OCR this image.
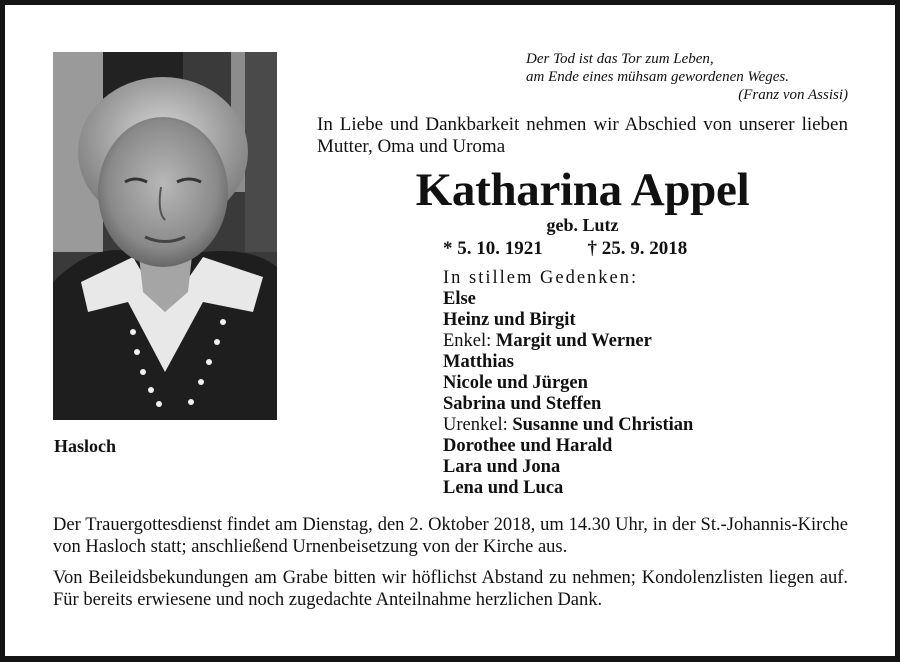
Hasloch
Der Tod ist das Tor zum Leben,
am Ende eines mühsam gewordenen Weges.
(Franz von Assisi)
In Liebe und Dankbarkeit nehmen wir Abschied von unserer lieben Mutter, Oma und Uroma
Katharina Appel
geb. Lutz
* 5. 10. 1921 † 25. 9. 2018
In stillem Gedenken:
Else
Heinz und Birgit
Enkel: Margit und Werner
Matthias
Nicole und Jürgen
Sabrina und Steffen
Urenkel: Susanne und Christian
Dorothee und Harald
Lara und Jona
Lena und Luca
Der Trauergottesdienst findet am Dienstag, den 2. Oktober 2018, um 14.30 Uhr, in der St.-Johannis-Kirche von Hasloch statt; anschließend Urnenbeisetzung von der Kirche aus.
Von Beileidsbekundungen am Grabe bitten wir höflichst Abstand zu nehmen; Kondolenzlisten liegen auf. Für bereits erwiesene und noch zugedachte Anteilnahme herzlichen Dank.
